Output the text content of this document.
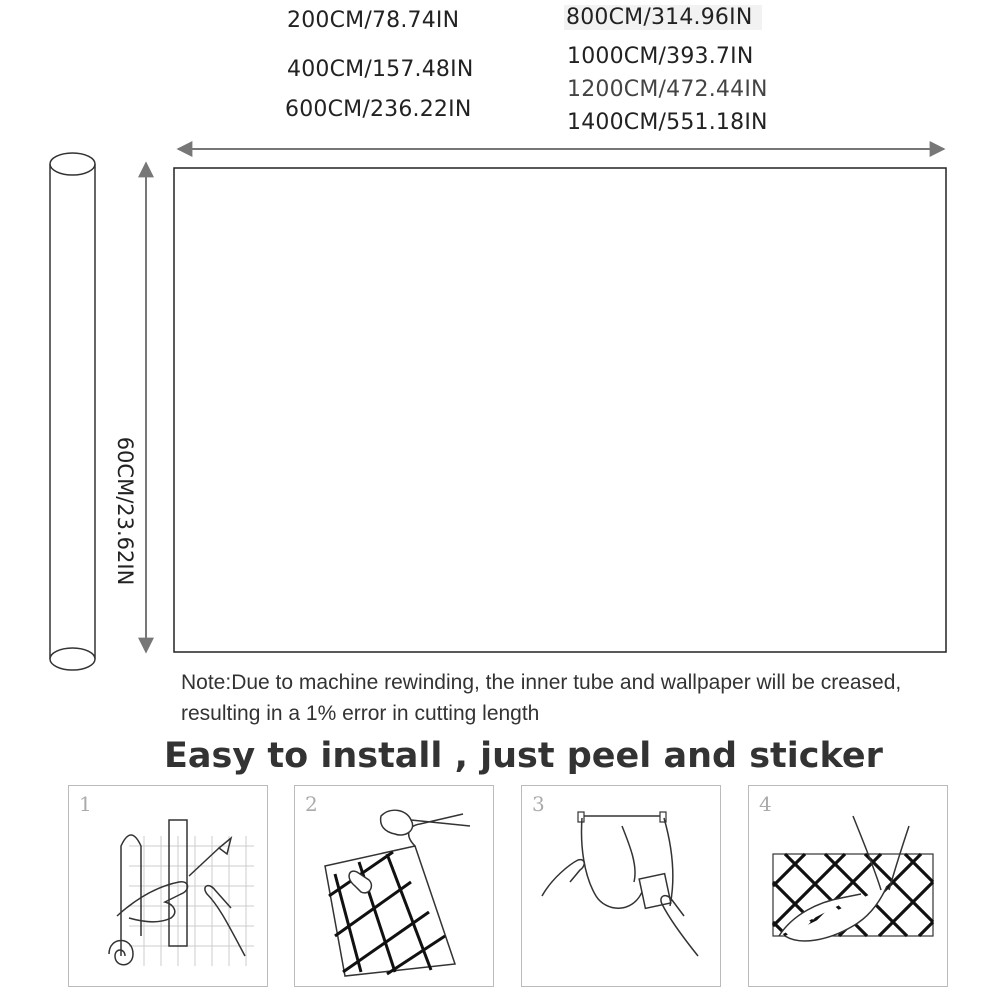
200CM/78.74IN
400CM/157.48IN
600CM/236.22IN
800CM/314.96IN
1000CM/393.7IN
1200CM/472.44IN
1400CM/551.18IN
60CM/23.62IN
Note:Due to machine rewinding, the inner tube and wallpaper will be creased,
resulting in a 1% error in cutting length
Easy to install , just peel and sticker
1	2	3	4
